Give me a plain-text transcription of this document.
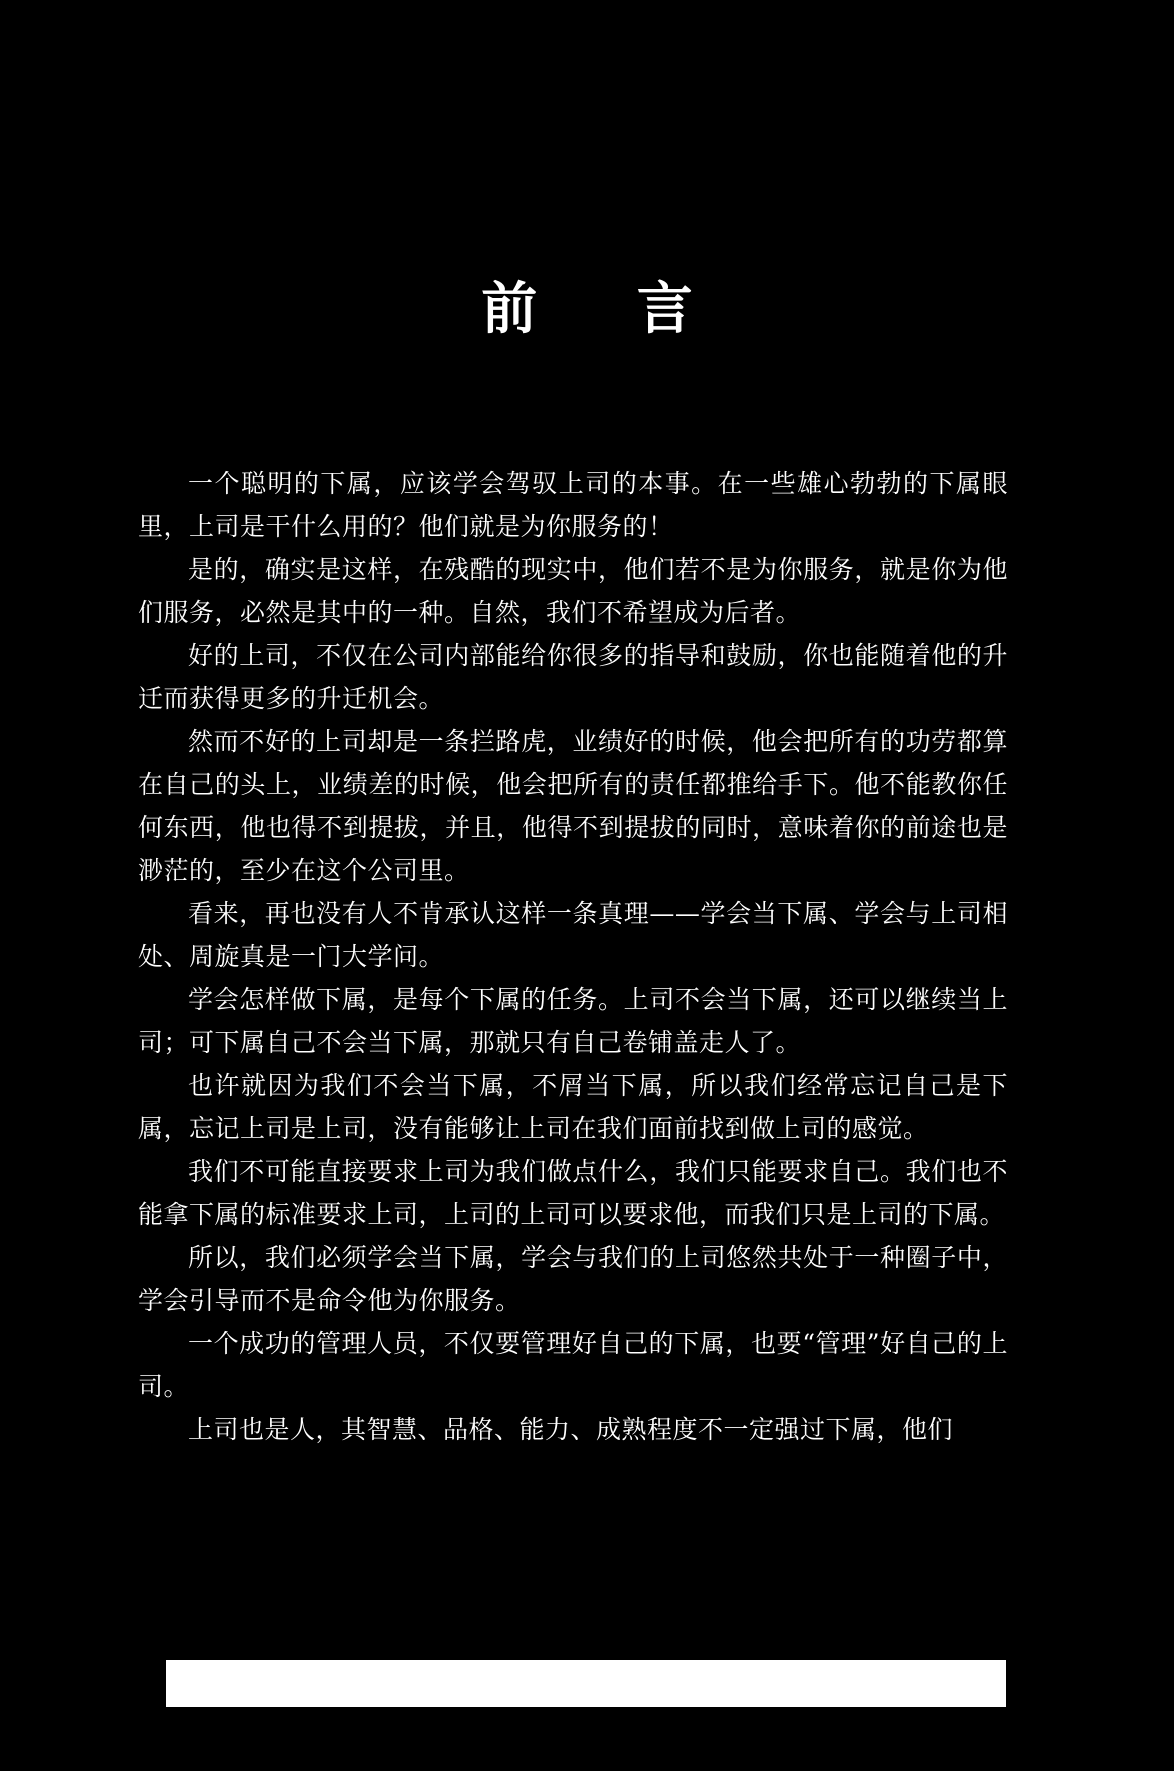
前 言

一个聪明的下属，应该学会驾驭上司的本事。在一些雄心勃勃的下属眼里，上司是干什么用的？他们就是为你服务的！

是的，确实是这样，在残酷的现实中，他们若不是为你服务，就是你为他们服务，必然是其中的一种。自然，我们不希望成为后者。

好的上司，不仅在公司内部能给你很多的指导和鼓励，你也能随着他的升迁而获得更多的升迁机会。

然而不好的上司却是一条拦路虎，业绩好的时候，他会把所有的功劳都算在自己的头上，业绩差的时候，他会把所有的责任都推给手下。他不能教你任何东西，他也得不到提拔，并且，他得不到提拔的同时，意味着你的前途也是渺茫的，至少在这个公司里。

看来，再也没有人不肯承认这样一条真理——学会当下属、学会与上司相处、周旋真是一门大学问。

学会怎样做下属，是每个下属的任务。上司不会当下属，还可以继续当上司；可下属自己不会当下属，那就只有自己卷铺盖走人了。

也许就因为我们不会当下属，不屑当下属，所以我们经常忘记自己是下属，忘记上司是上司，没有能够让上司在我们面前找到做上司的感觉。

我们不可能直接要求上司为我们做点什么，我们只能要求自己。我们也不能拿下属的标准要求上司，上司的上司可以要求他，而我们只是上司的下属。

所以，我们必须学会当下属，学会与我们的上司悠然共处于一种圈子中，学会引导而不是命令他为你服务。

一个成功的管理人员，不仅要管理好自己的下属，也要“管理”好自己的上司。

上司也是人，其智慧、品格、能力、成熟程度不一定强过下属，他们
